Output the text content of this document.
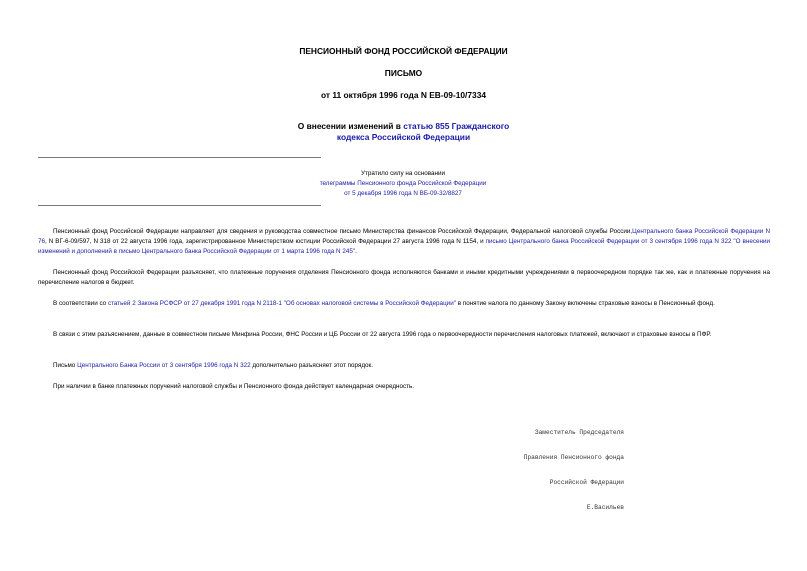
ПЕНСИОННЫЙ ФОНД РОССИЙСКОЙ ФЕДЕРАЦИИ
ПИСЬМО
от 11 октября 1996 года N ЕВ-09-10/7334
О внесении изменений в статью 855 Гражданского
кодекса Российской Федерации
Утратило силу на основании
телеграммы Пенсионного фонда Российской Федерации
от 5 декабря 1996 года N ВБ-09-32/8827
Пенсионный фонд Российской Федерации направляет для сведения и руководства совместное письмо Министерства финансов Российской Федерации, Федеральной налоговой службы России,Центрального банка Российской Федерации N 76, N ВГ-6-09/597, N 318 от 22 августа 1996 года, зарегистрированное Министерством юстиции Российской Федерации 27 августа 1996 года N 1154, и письмо Центрального банка Российской Федерации от 3 сентября 1996 года N 322 "О внесении изменений и дополнений в письмо Центрального банка Российской Федерации от 1 марта 1996 года N 245".
Пенсионный фонд Российской Федерации разъясняет, что платежные поручения отделения Пенсионного фонда исполняются банками и иными кредитными учреждениями в первоочередном порядке так же, как и платежные поручения на перечисление налогов в бюджет.
В соответствии со статьей 2 Закона РСФСР от 27 декабря 1991 года N 2118-1 "Об основах налоговой системы в Российской Федерации" в понятие налога по данному Закону включены страховые взносы в Пенсионный фонд.
В связи с этим разъяснением, данные в совместном письме Минфина России, ФНС России и ЦБ России от 22 августа 1996 года о первоочередности перечисления налоговых платежей, включают и страховые взносы в ПФР.
Письмо Центрального Банка России от 3 сентября 1996 года N 322 дополнительно разъясняет этот порядок.
При наличии в банке платежных поручений налоговой службы и Пенсионного фонда действует календарная очередность.

Заместитель Председателя

Правления Пенсионного фонда

Российской Федерации

Е.Васильев
